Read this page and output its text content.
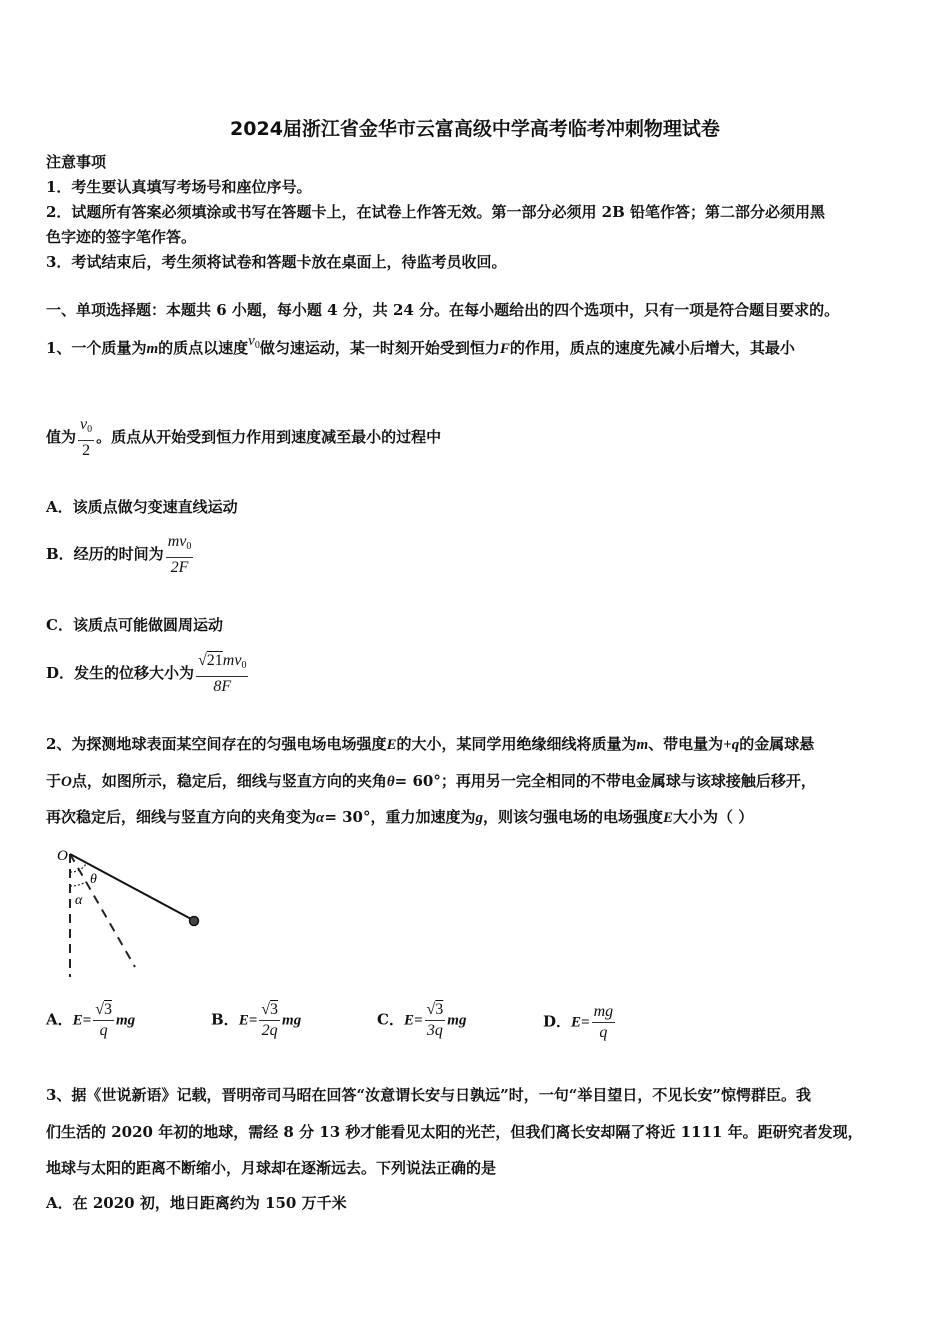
2024届浙江省金华市云富高级中学高考临考冲刺物理试卷
注意事项
1．考生要认真填写考场号和座位序号。
2．试题所有答案必须填涂或书写在答题卡上，在试卷上作答无效。第一部分必须用 2B 铅笔作答；第二部分必须用黑
色字迹的签字笔作答。
3．考试结束后，考生须将试卷和答题卡放在桌面上，待监考员收回。
一、单项选择题：本题共 6 小题，每小题 4 分，共 24 分。在每小题给出的四个选项中，只有一项是符合题目要求的。
1、一个质量为m的质点以速度$v_0$做匀速运动，某一时刻开始受到恒力F的作用，质点的速度先减小后增大，其最小
值为 $\frac{v_0}{2}$ 。质点从开始受到恒力作用到速度减至最小的过程中
A．该质点做匀变速直线运动
B．经历的时间为 $\frac{mv_0}{2F}$
C．该质点可能做圆周运动
D．发生的位移大小为 $\frac{√21mv_0}{8F}$
2、为探测地球表面某空间存在的匀强电场电场强度E的大小，某同学用绝缘细线将质量为m、带电量为+q的金属球悬
于O点，如图所示，稳定后，细线与竖直方向的夹角θ= 60°；再用另一完全相同的不带电金属球与该球接触后移开，
再次稳定后，细线与竖直方向的夹角变为α= 30°，重力加速度为g，则该匀强电场的电场强度E大小为（ ）
O
θ
α
A．$E= \frac{√3}{q}$ mg	B．$E= \frac{√3}{2q}$ mg	C．$E= \frac{√3}{3q}$ mg	D．$E= \frac{mg}{q}$
3、据《世说新语》记载，晋明帝司马昭在回答“汝意谓长安与日孰远”时，一句“举目望日，不见长安”惊愕群臣。我
们生活的 2020 年初的地球，需经 8 分 13 秒才能看见太阳的光芒，但我们离长安却隔了将近 1111 年。距研究者发现，
地球与太阳的距离不断缩小，月球却在逐渐远去。下列说法正确的是
A．在 2020 初，地日距离约为 150 万千米
